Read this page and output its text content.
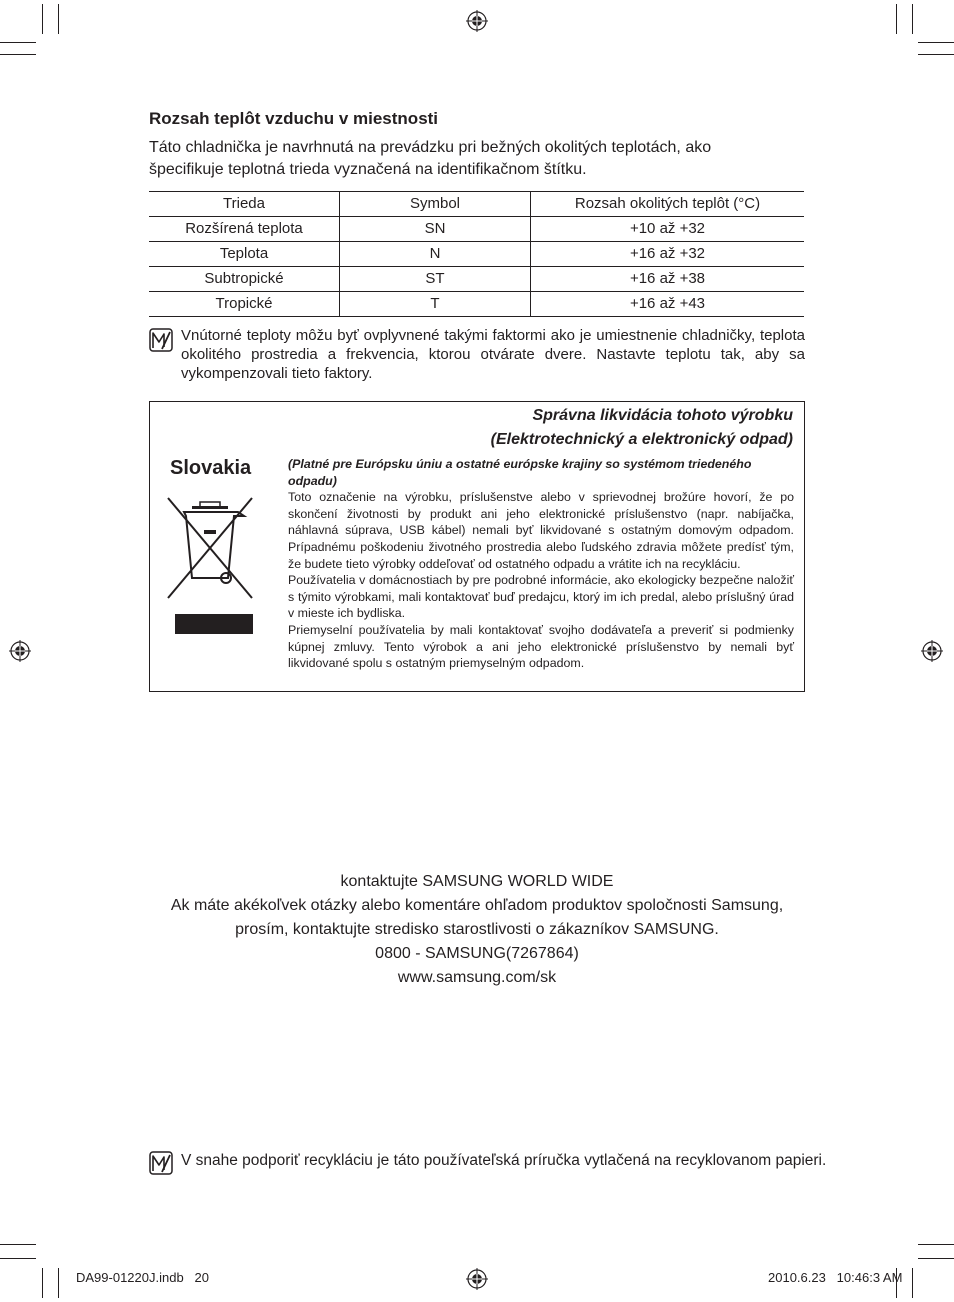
Rozsah teplôt vzduchu v miestnosti
Táto chladnička je navrhnutá na prevádzku pri bežných okolitých teplotách, ako
špecifikuje teplotná trieda vyznačená na identifikačnom štítku.
Trieda	Symbol	Rozsah okolitých teplôt (°C)
Rozšírená teplota	SN	+10 až +32
Teplota	N	+16 až +32
Subtropické	ST	+16 až +38
Tropické	T	+16 až +43
Vnútorné teploty môžu byť ovplyvnené takými faktormi ako je umiestnenie chladničky, teplota okolitého prostredia a frekvencia, ktorou otvárate dvere. Nastavte teplotu tak, aby sa vykompenzovali tieto faktory.
Správna likvidácia tohoto výrobku
(Elektrotechnický a elektronický odpad)
Slovakia	(Platné pre Európsku úniu a ostatné európske krajiny so systémom triedeného odpadu)

Toto označenie na výrobku, príslušenstve alebo v sprievodnej brožúre hovorí, že po skončení životnosti by produkt ani jeho elektronické príslušenstvo (napr. nabíjačka, náhlavná súprava, USB kábel) nemali byť likvidované s ostatným domovým odpadom. Prípadnému poškodeniu životného prostredia alebo ľudského zdravia môžete predísť tým, že budete tieto výrobky oddeľovať od ostatného odpadu a vrátite ich na recykláciu.

Používatelia v domácnostiach by pre podrobné informácie, ako ekologicky bezpečne naložiť s týmito výrobkami, mali kontaktovať buď predajcu, ktorý im ich predal, alebo príslušný úrad v mieste ich bydliska.

Priemyselní používatelia by mali kontaktovať svojho dodávateľa a preveriť si podmienky kúpnej zmluvy. Tento výrobok a ani jeho elektronické príslušenstvo by nemali byť likvidované spolu s ostatným priemyselným odpadom.

kontaktujte SAMSUNG WORLD WIDE
Ak máte akékoľvek otázky alebo komentáre ohľadom produktov spoločnosti Samsung,
prosím, kontaktujte stredisko starostlivosti o zákazníkov SAMSUNG.
0800 - SAMSUNG(7267864)
www.samsung.com/sk
V snahe podporiť recykláciu je táto používateľská príručka vytlačená na recyklovanom papieri.
DA99-01220J.indb   20	2010.6.23   10:46:3 AM
